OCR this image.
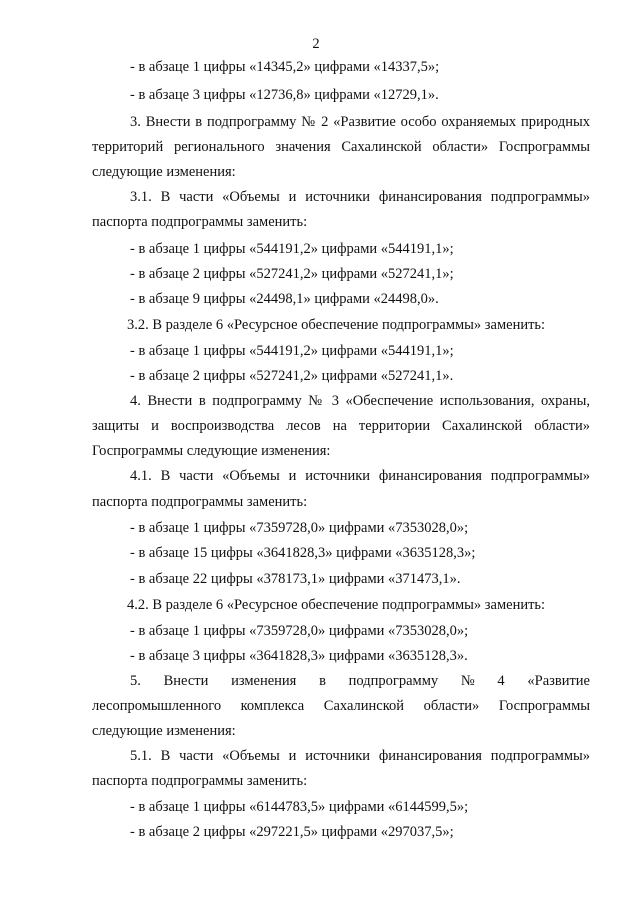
2
- в абзаце 1 цифры «14345,2» цифрами «14337,5»;
- в абзаце 3 цифры «12736,8» цифрами «12729,1».
3. Внести в подпрограмму № 2 «Развитие особо охраняемых природных
территорий регионального значения Сахалинской области» Госпрограммы
следующие изменения:
3.1. В части «Объемы и источники финансирования подпрограммы»
паспорта подпрограммы заменить:
- в абзаце 1 цифры «544191,2» цифрами «544191,1»;
- в абзаце 2 цифры «527241,2» цифрами «527241,1»;
- в абзаце 9 цифры «24498,1» цифрами «24498,0».
3.2. В разделе 6 «Ресурсное обеспечение подпрограммы» заменить:
- в абзаце 1 цифры «544191,2» цифрами «544191,1»;
- в абзаце 2 цифры «527241,2» цифрами «527241,1».
4. Внести в подпрограмму № 3 «Обеспечение использования, охраны,
защиты и воспроизводства лесов на территории Сахалинской области»
Госпрограммы следующие изменения:
4.1. В части «Объемы и источники финансирования подпрограммы»
паспорта подпрограммы заменить:
- в абзаце 1 цифры «7359728,0» цифрами «7353028,0»;
- в абзаце 15 цифры «3641828,3» цифрами «3635128,3»;
- в абзаце 22 цифры «378173,1» цифрами «371473,1».
4.2. В разделе 6 «Ресурсное обеспечение подпрограммы» заменить:
- в абзаце 1 цифры «7359728,0» цифрами «7353028,0»;
- в абзаце 3 цифры «3641828,3» цифрами «3635128,3».
5. Внести изменения в подпрограмму № 4 «Развитие
лесопромышленного комплекса Сахалинской области» Госпрограммы
следующие изменения:
5.1. В части «Объемы и источники финансирования подпрограммы»
паспорта подпрограммы заменить:
- в абзаце 1 цифры «6144783,5» цифрами «6144599,5»;
- в абзаце 2 цифры «297221,5» цифрами «297037,5»;
